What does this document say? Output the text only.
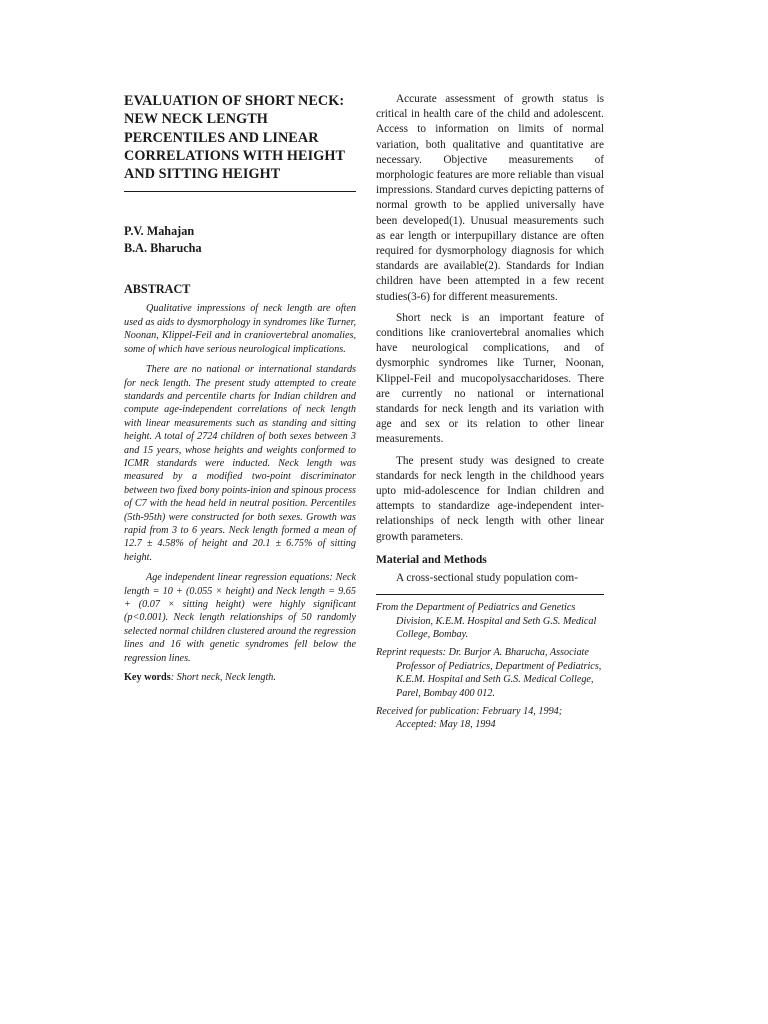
EVALUATION OF SHORT NECK: NEW NECK LENGTH PERCENTILES AND LINEAR CORRELATIONS WITH HEIGHT AND SITTING HEIGHT
P.V. Mahajan
B.A. Bharucha
ABSTRACT

Qualitative impressions of neck length are often used as aids to dysmorphology in syndromes like Turner, Noonan, Klippel-Feil and in craniovertebral anomalies, some of which have serious neurological implications.

There are no national or international standards for neck length. The present study attempted to create standards and percentile charts for Indian children and compute age-independent correlations of neck length with linear measurements such as standing and sitting height. A total of 2724 children of both sexes between 3 and 15 years, whose heights and weights conformed to ICMR standards were inducted. Neck length was measured by a modified two-point discriminator between two fixed bony points-inion and spinous process of C7 with the head held in neutral position. Percentiles (5th-95th) were constructed for both sexes. Growth was rapid from 3 to 6 years. Neck length formed a mean of 12.7 ± 4.58% of height and 20.1 ± 6.75% of sitting height.

Age independent linear regression equations: Neck length = 10 + (0.055 × height) and Neck length = 9.65 + (0.07 × sitting height) were highly significant (p<0.001). Neck length relationships of 50 randomly selected normal children clustered around the regression lines and 16 with genetic syndromes fell below the regression lines.

Key words: Short neck, Neck length.

Accurate assessment of growth status is critical in health care of the child and adolescent. Access to information on limits of normal variation, both qualitative and quantitative are necessary. Objective measurements of morphologic features are more reliable than visual impressions. Standard curves depicting patterns of normal growth to be applied universally have been developed(1). Unusual measurements such as ear length or interpupillary distance are often required for dysmorphology diagnosis for which standards are available(2). Standards for Indian children have been attempted in a few recent studies(3-6) for different measurements.

Short neck is an important feature of conditions like craniovertebral anomalies which have neurological complications, and of dysmorphic syndromes like Turner, Noonan, Klippel-Feil and mucopolysaccharidoses. There are currently no national or international standards for neck length and its variation with age and sex or its relation to other linear measurements.

The present study was designed to create standards for neck length in the childhood years upto mid-adolescence for Indian children and attempts to standardize age-independent inter-relationships of neck length with other linear growth parameters.

Material and Methods

A cross-sectional study population com-

From the Department of Pediatrics and Genetics Division, K.E.M. Hospital and Seth G.S. Medical College, Bombay.

Reprint requests: Dr. Burjor A. Bharucha, Associate Professor of Pediatrics, Department of Pediatrics, K.E.M. Hospital and Seth G.S. Medical College, Parel, Bombay 400 012.

Received for publication: February 14, 1994; Accepted: May 18, 1994
